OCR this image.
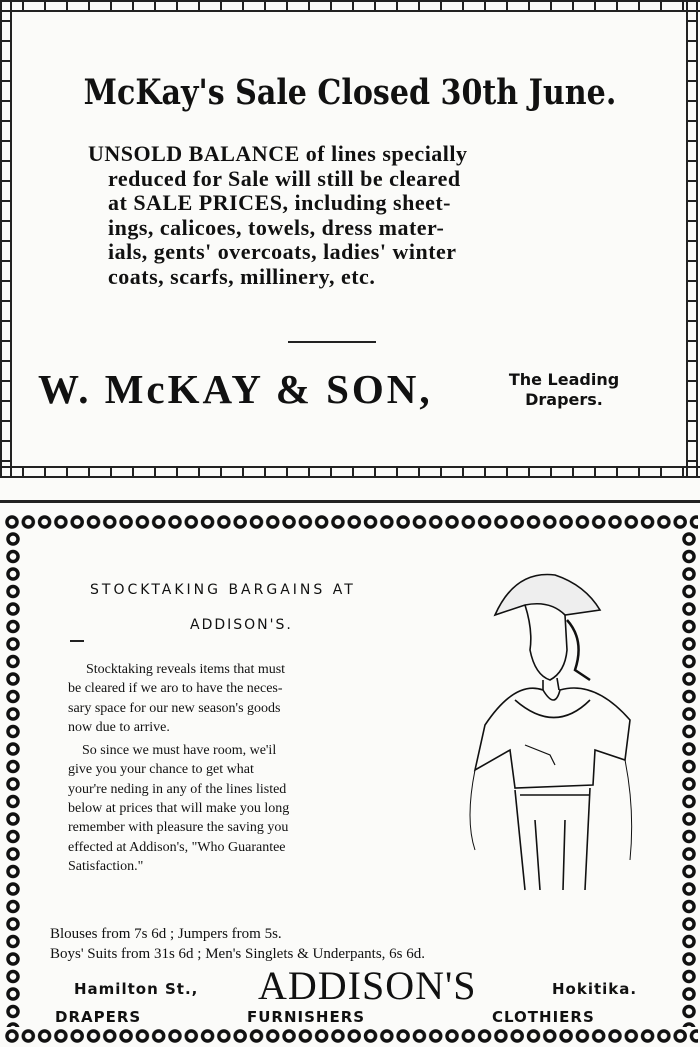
McKay's Sale Closed 30th June.
UNSOLD BALANCE of lines specially
reduced for Sale will still be cleared
at SALE PRICES, including sheet-
ings, calicoes, towels, dress mater-
ials, gents' overcoats, ladies' winter
coats, scarfs, millinery, etc.
W. McKAY & SON,	The Leading
Drapers.
STOCKTAKING BARGAINS AT
ADDISON'S.
Stocktaking reveals items that must
be cleared if we aro to have the neces-
sary space for our new season's goods
now due to arrive.
So since we must have room, we'il
give you your chance to get what
your're neding in any of the lines listed
below at prices that will make you long
remember with pleasure the saving you
effected at Addison's, "Who Guarantee
Satisfaction."
Blouses from 7s 6d ; Jumpers from 5s.
Boys' Suits from 31s 6d ; Men's Singlets & Underpants, 6s 6d.
Hamilton St., ADDISON'S	Hokitika.
DRAPERS	FURNISHERS	CLOTHIERS
